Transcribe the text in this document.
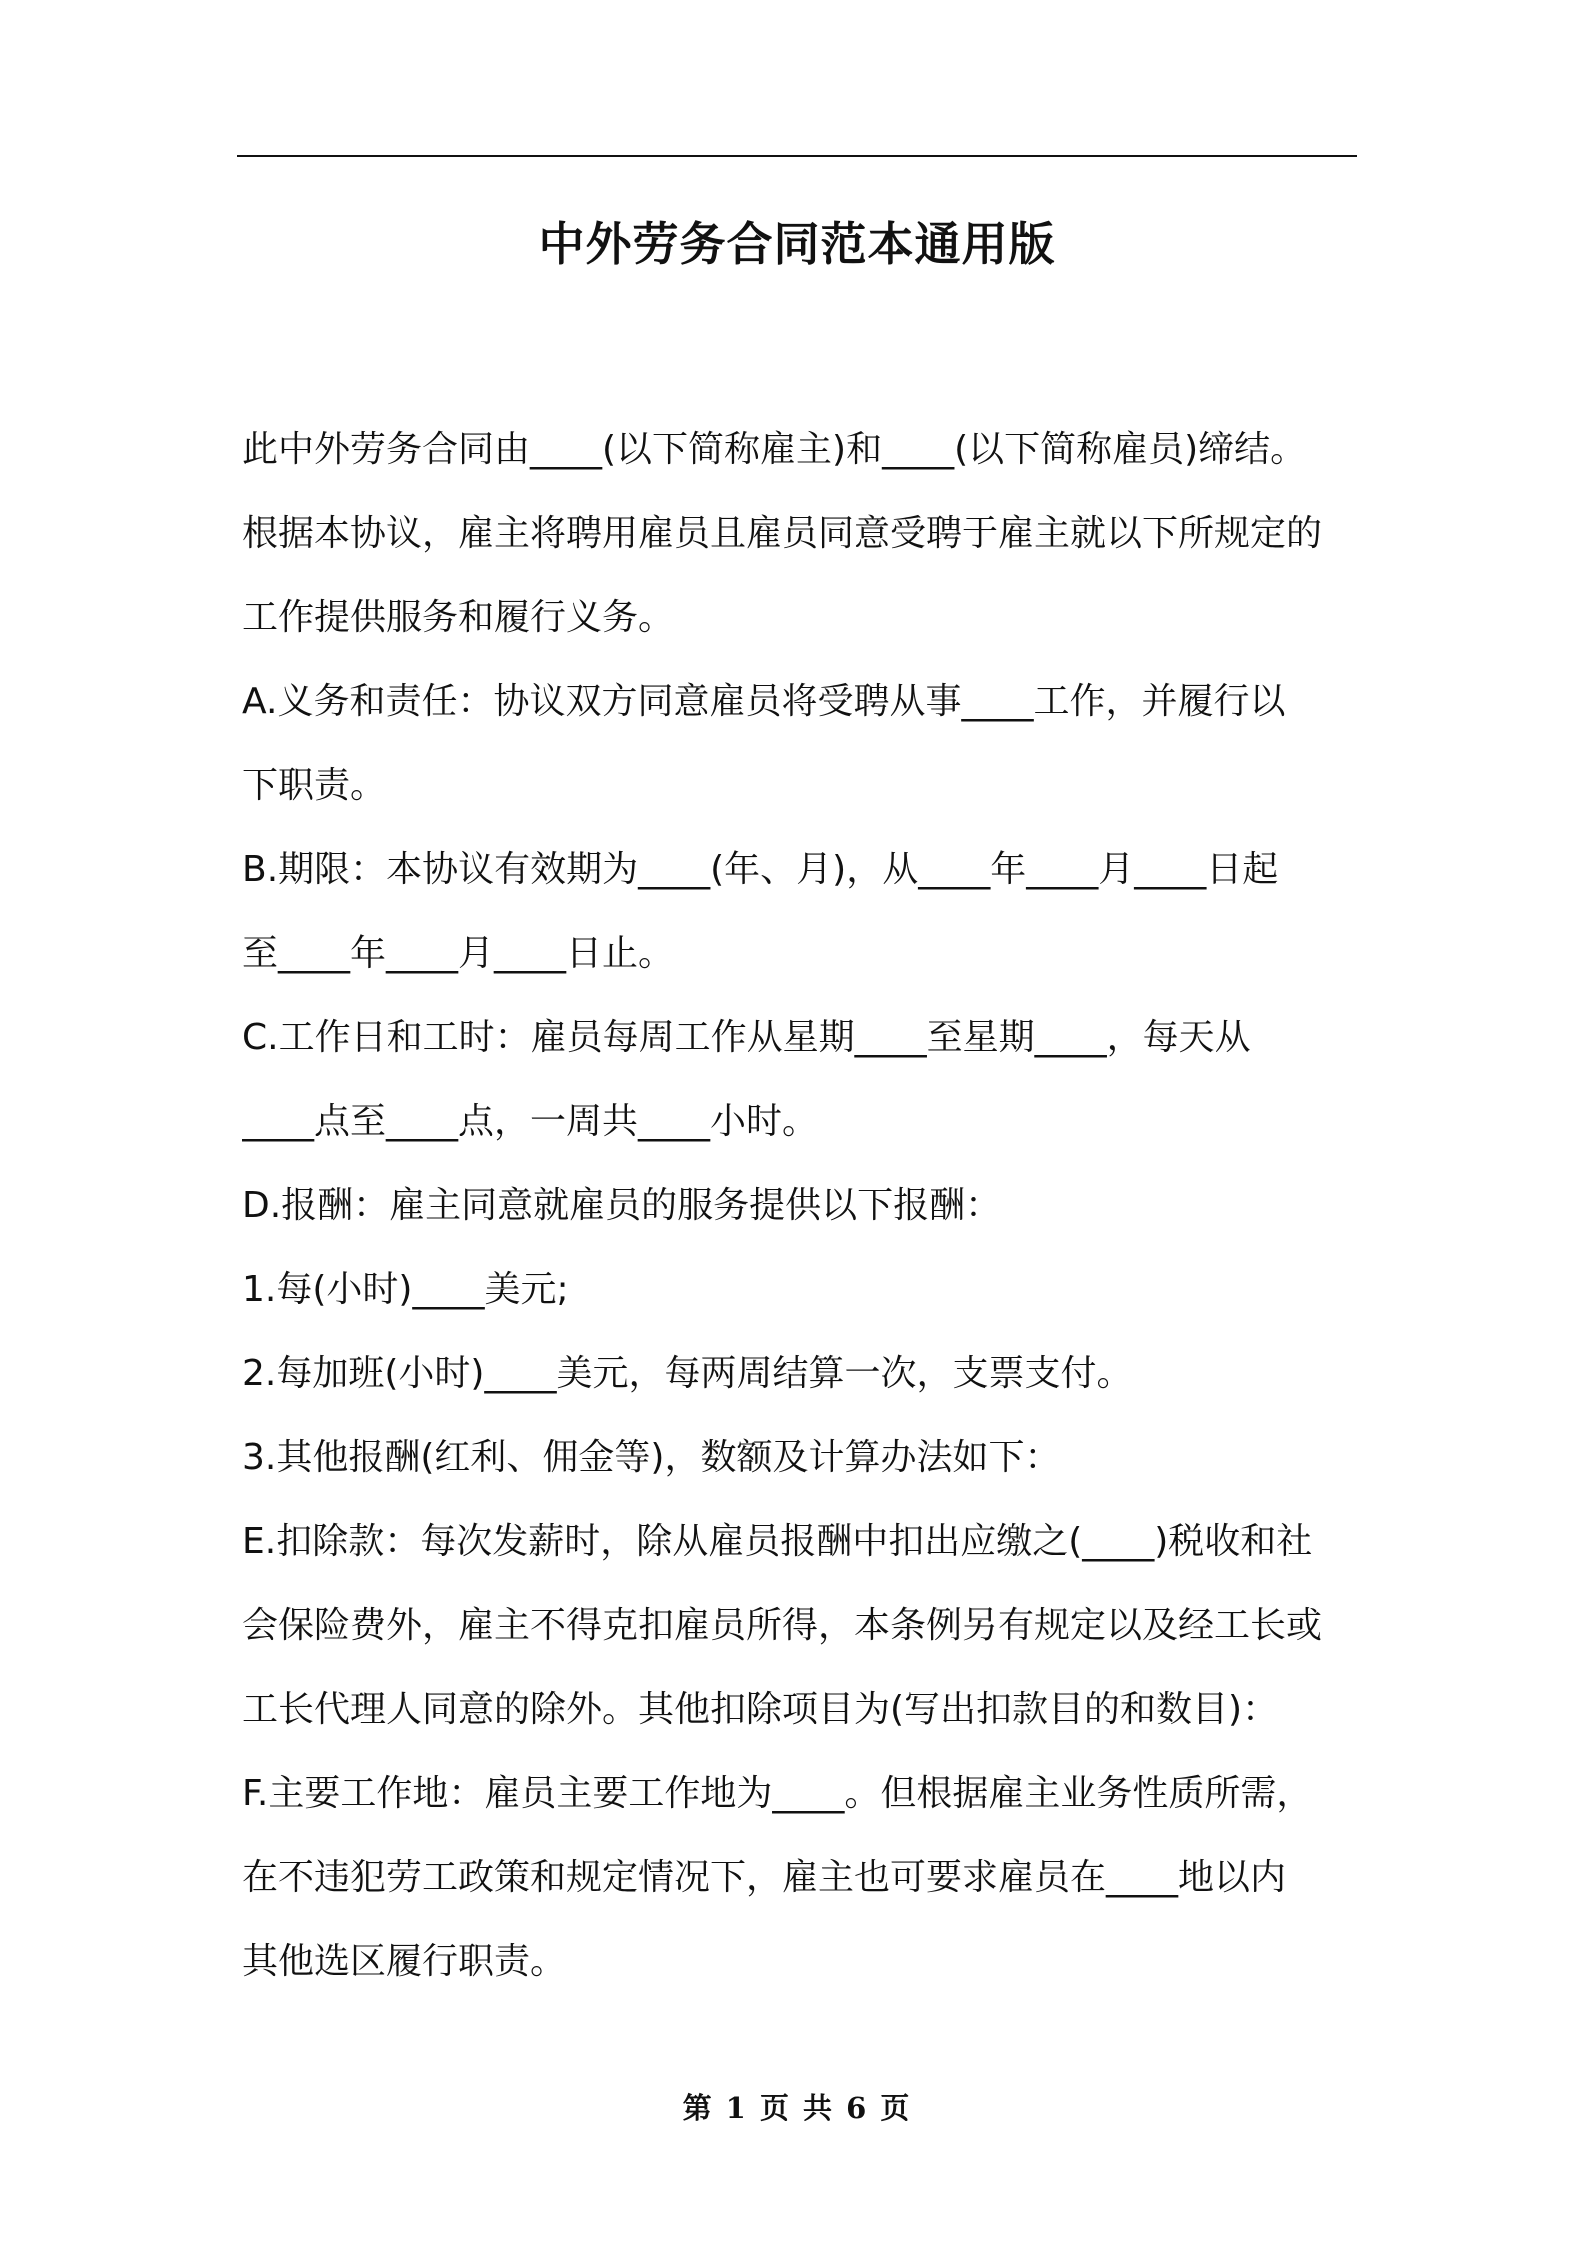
中外劳务合同范本通用版
此中外劳务合同由____(以下简称雇主)和____(以下简称雇员)缔结。
根据本协议，雇主将聘用雇员且雇员同意受聘于雇主就以下所规定的
工作提供服务和履行义务。
A.义务和责任：协议双方同意雇员将受聘从事____工作，并履行以
下职责。
B.期限：本协议有效期为____(年、月)，从____年____月____日起
至____年____月____日止。
C.工作日和工时：雇员每周工作从星期____至星期____，每天从
____点至____点，一周共____小时。
D.报酬：雇主同意就雇员的服务提供以下报酬：
1.每(小时)____美元;
2.每加班(小时)____美元，每两周结算一次，支票支付。
3.其他报酬(红利、佣金等)，数额及计算办法如下：
E.扣除款：每次发薪时，除从雇员报酬中扣出应缴之(____)税收和社
会保险费外，雇主不得克扣雇员所得，本条例另有规定以及经工长或
工长代理人同意的除外。其他扣除项目为(写出扣款目的和数目)：
F.主要工作地：雇员主要工作地为____。但根据雇主业务性质所需，
在不违犯劳工政策和规定情况下，雇主也可要求雇员在____地以内
其他选区履行职责。
第 1 页 共 6 页
